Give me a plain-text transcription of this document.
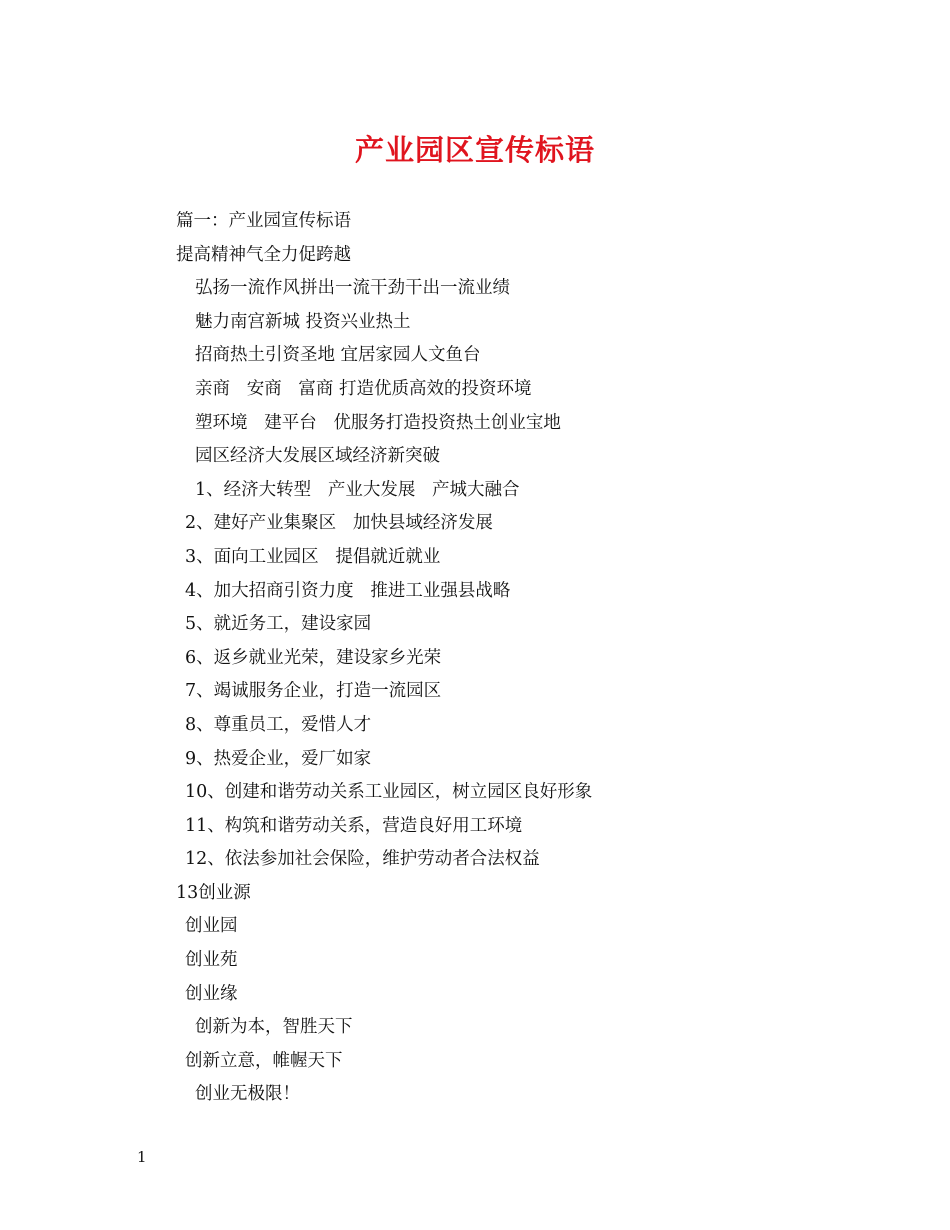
产业园区宣传标语
篇一：产业园宣传标语
提高精神气全力促跨越
弘扬一流作风拼出一流干劲干出一流业绩
魅力南宫新城 投资兴业热土
招商热土引资圣地 宜居家园人文鱼台
亲商   安商   富商 打造优质高效的投资环境
塑环境   建平台   优服务打造投资热土创业宝地
园区经济大发展区域经济新突破
1、经济大转型   产业大发展   产城大融合
2、建好产业集聚区   加快县域经济发展
3、面向工业园区   提倡就近就业
4、加大招商引资力度   推进工业强县战略
5、就近务工，建设家园
6、返乡就业光荣，建设家乡光荣
7、竭诚服务企业，打造一流园区
8、尊重员工，爱惜人才
9、热爱企业，爱厂如家
10、创建和谐劳动关系工业园区，树立园区良好形象
11、构筑和谐劳动关系，营造良好用工环境
12、依法参加社会保险，维护劳动者合法权益
13创业源
创业园
创业苑
创业缘
创新为本，智胜天下
创新立意，帷幄天下
创业无极限！
1
